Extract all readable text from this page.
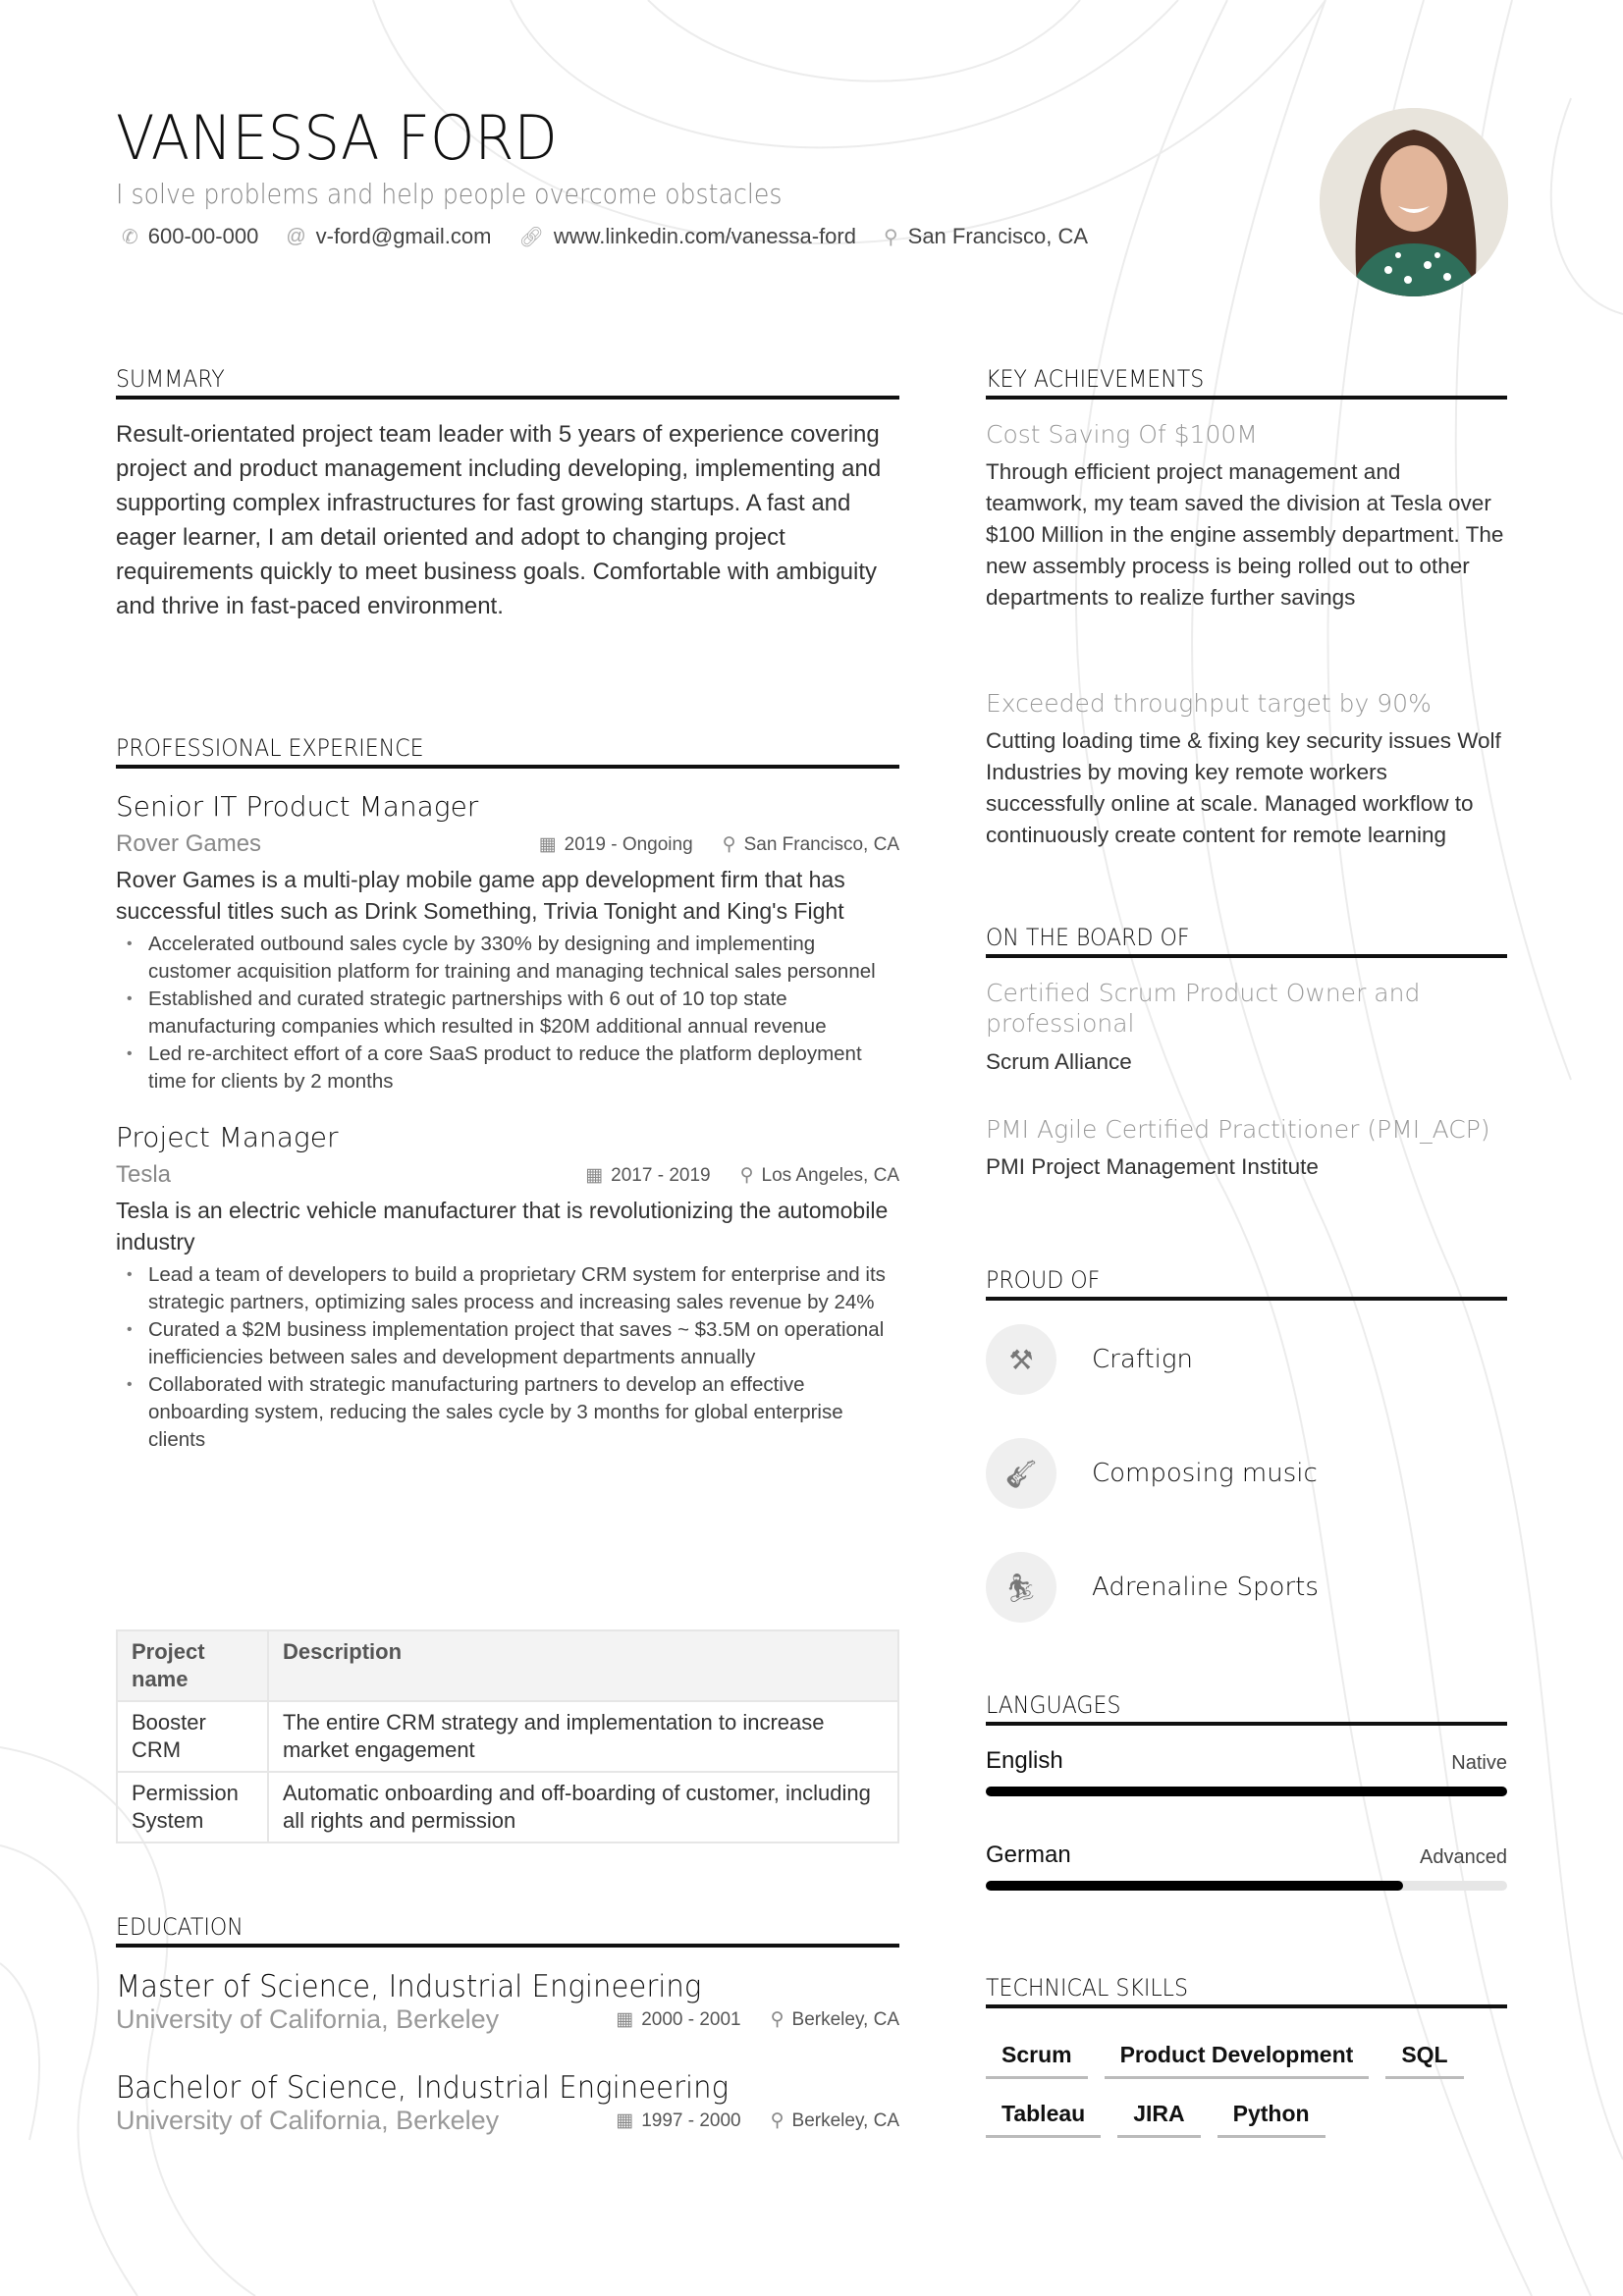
VANESSA FORD
I solve problems and help people overcome obstacles
✆ 600-00-000 @ v-ford@gmail.com 🔗︎ www.linkedin.com/vanessa-ford ⚲ San Francisco, CA
SUMMARY
Result-orientated project team leader with 5 years of experience covering project and product management including developing, implementing and supporting complex infrastructures for fast growing startups. A fast and eager learner, I am detail oriented and adopt to changing project requirements quickly to meet business goals. Comfortable with ambiguity and thrive in fast-paced environment.
PROFESSIONAL EXPERIENCE
Senior IT Product Manager
Rover Games	▦ 2019 - Ongoing ⚲ San Francisco, CA
Rover Games is a multi-play mobile game app development firm that has successful titles such as Drink Something, Trivia Tonight and King's Fight
• Accelerated outbound sales cycle by 330% by designing and implementing customer acquisition platform for training and managing technical sales personnel
• Established and curated strategic partnerships with 6 out of 10 top state manufacturing companies which resulted in $20M additional annual revenue
• Led re-architect effort of a core SaaS product to reduce the platform deployment time for clients by 2 months
Project Manager
Tesla	▦ 2017 - 2019 ⚲ Los Angeles, CA
Tesla is an electric vehicle manufacturer that is revolutionizing the automobile industry
• Lead a team of developers to build a proprietary CRM system for enterprise and its strategic partners, optimizing sales process and increasing sales revenue by 24%
• Curated a $2M business implementation project that saves ~ $3.5M on operational inefficiencies between sales and development departments annually
• Collaborated with strategic manufacturing partners to develop an effective onboarding system, reducing the sales cycle by 3 months for global enterprise clients
Project name	Description
Booster CRM	The entire CRM strategy and implementation to increase market engagement
Permission System	Automatic onboarding and off-boarding of customer, including all rights and permission
EDUCATION
Master of Science, Industrial Engineering
University of California, Berkeley	▦ 2000 - 2001 ⚲ Berkeley, CA
Bachelor of Science, Industrial Engineering
University of California, Berkeley	▦ 1997 - 2000 ⚲ Berkeley, CA
KEY ACHIEVEMENTS
Cost Saving Of $100M
Through efficient project management and teamwork, my team saved the division at Tesla over $100 Million in the engine assembly department. The new assembly process is being rolled out to other departments to realize further savings
Exceeded throughput target by 90%
Cutting loading time & fixing key security issues Wolf Industries by moving key remote workers successfully online at scale. Managed workflow to continuously create content for remote learning
ON THE BOARD OF
Certified Scrum Product Owner and professional
Scrum Alliance
PMI Agile Certified Practitioner (PMI_ACP)
PMI Project Management Institute
PROUD OF
⚒	Craftign
🎸︎	Composing music
🏂︎	Adrenaline Sports
LANGUAGES
English	Native
German	Advanced
TECHNICAL SKILLS
Scrum	Product Development	SQL
Tableau	JIRA	Python
